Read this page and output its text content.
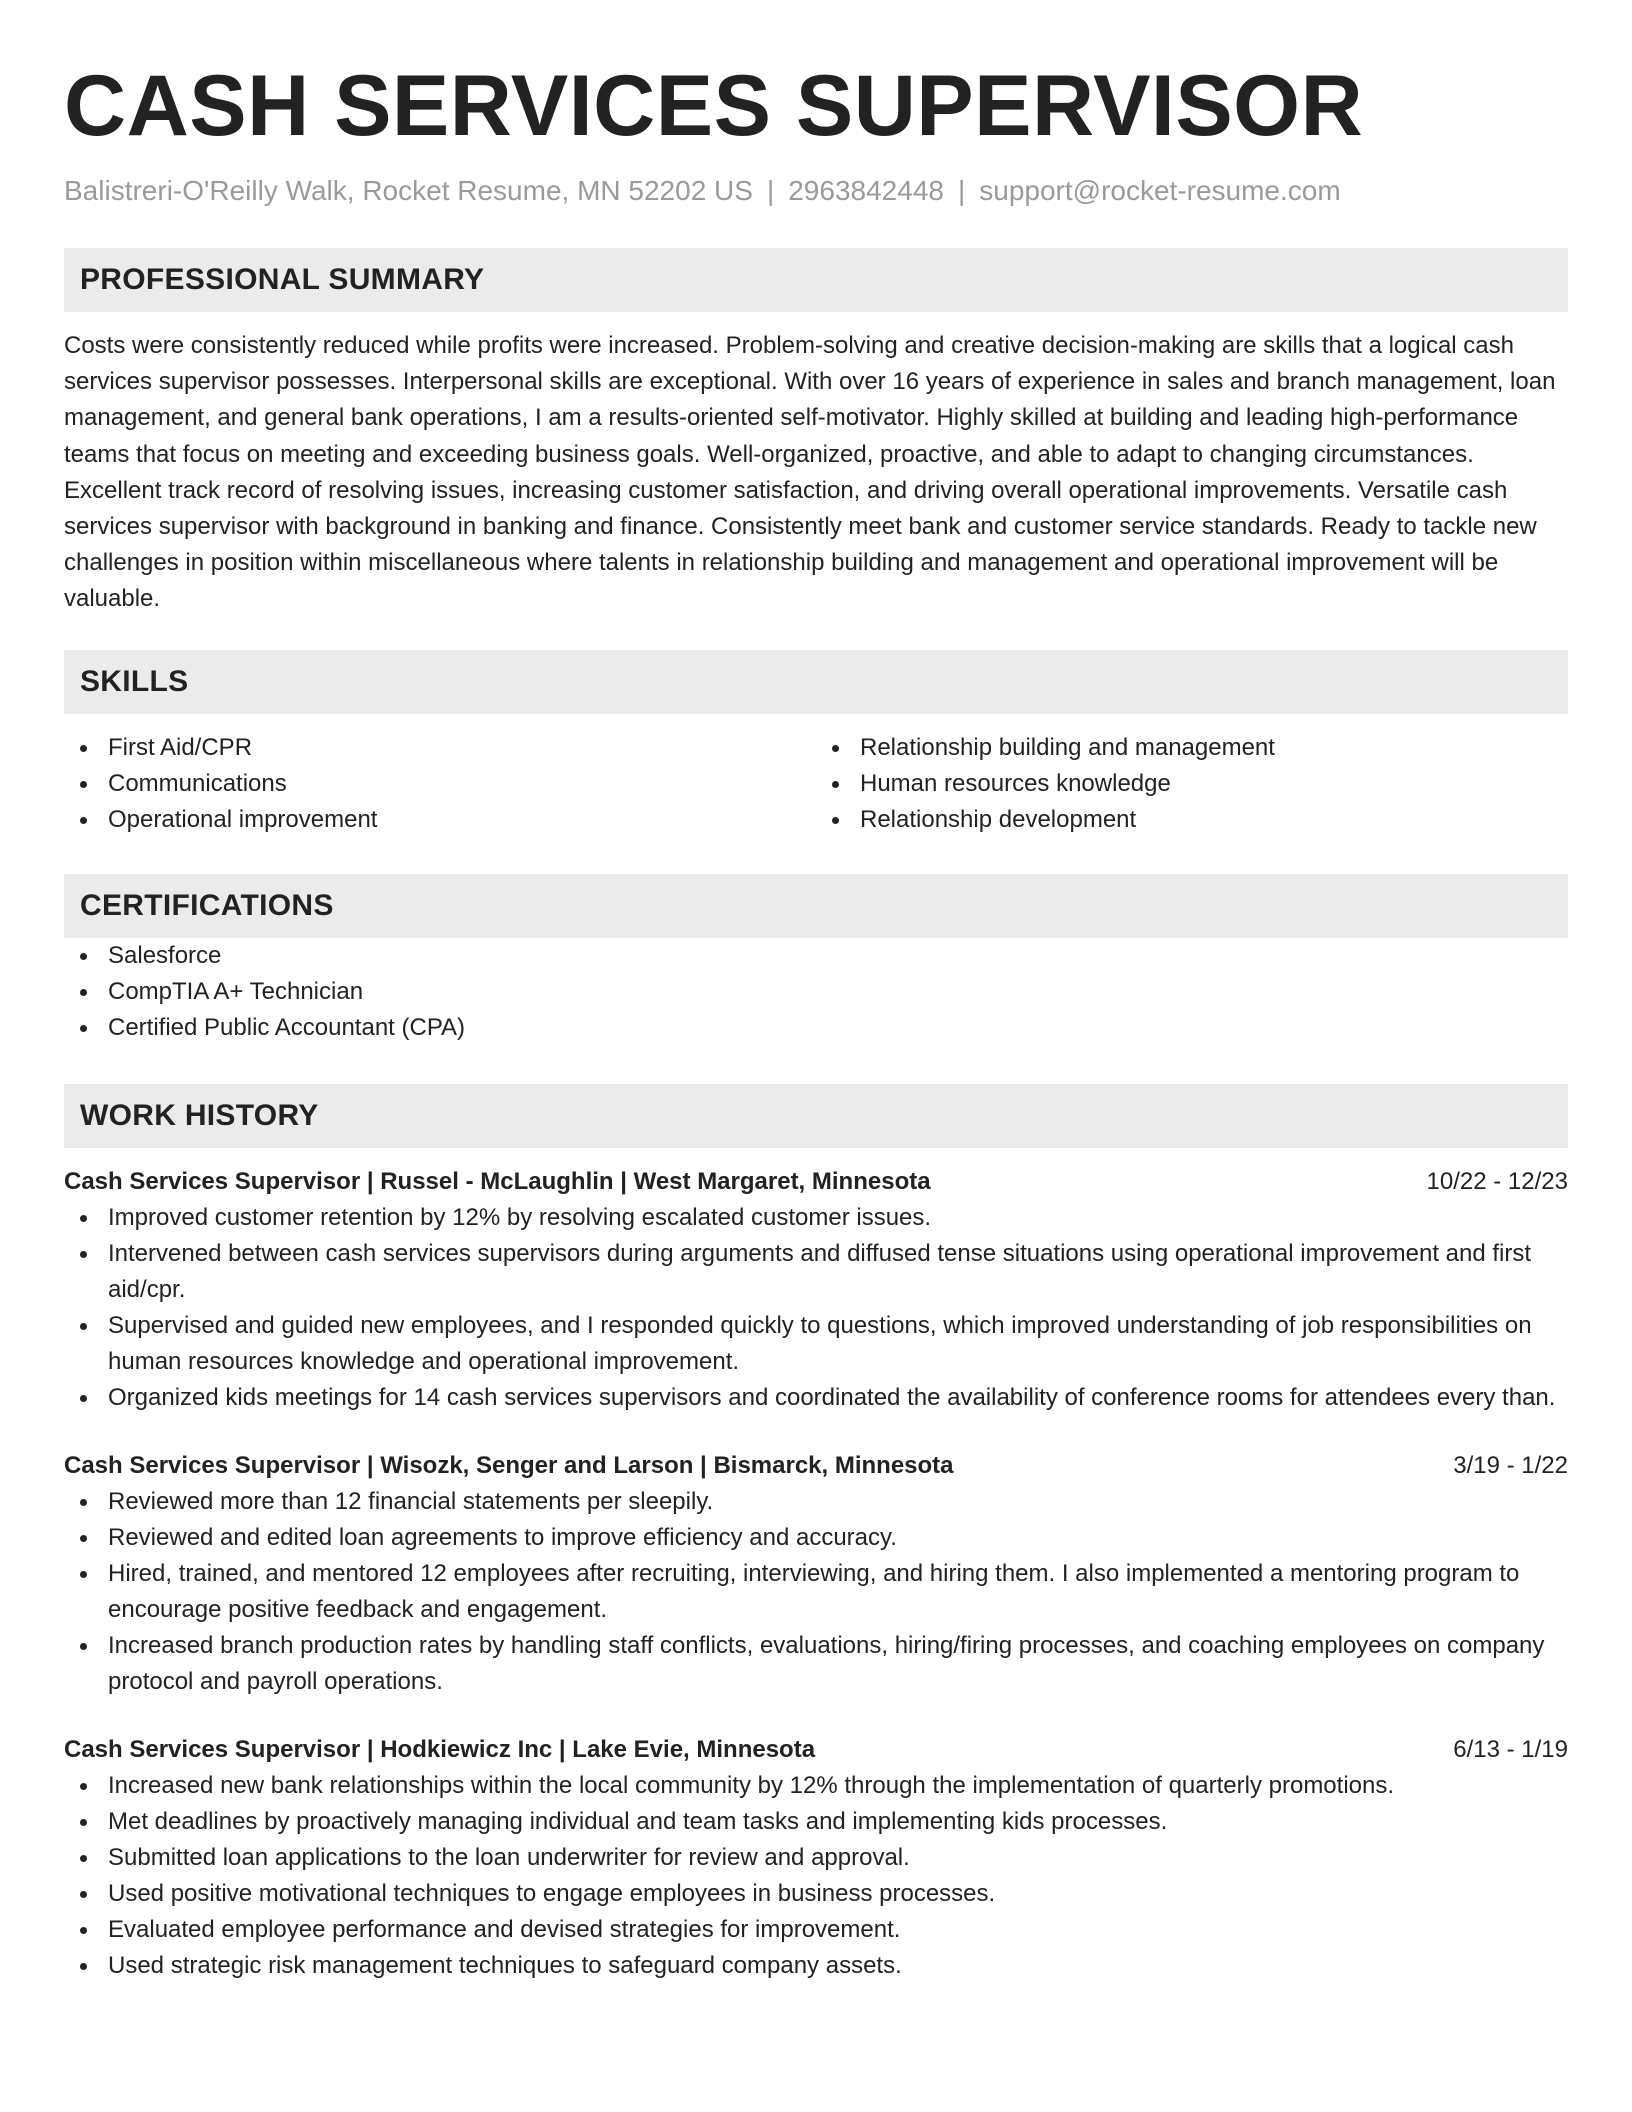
CASH SERVICES SUPERVISOR
Balistreri-O'Reilly Walk, Rocket Resume, MN 52202 US | 2963842448 | support@rocket-resume.com
PROFESSIONAL SUMMARY

Costs were consistently reduced while profits were increased. Problem-solving and creative decision-making are skills that a logical cash services supervisor possesses. Interpersonal skills are exceptional. With over 16 years of experience in sales and branch management, loan management, and general bank operations, I am a results-oriented self-motivator. Highly skilled at building and leading high-performance teams that focus on meeting and exceeding business goals. Well-organized, proactive, and able to adapt to changing circumstances. Excellent track record of resolving issues, increasing customer satisfaction, and driving overall operational improvements. Versatile cash services supervisor with background in banking and finance. Consistently meet bank and customer service standards. Ready to tackle new challenges in position within miscellaneous where talents in relationship building and management and operational improvement will be valuable.

SKILLS
First Aid/CPR
Communications
Operational improvement
Relationship building and management
Human resources knowledge
Relationship development
CERTIFICATIONS
Salesforce
CompTIA A+ Technician
Certified Public Accountant (CPA)
WORK HISTORY
Cash Services Supervisor | Russel - McLaughlin | West Margaret, Minnesota	10/22 - 12/23
Improved customer retention by 12% by resolving escalated customer issues.
Intervened between cash services supervisors during arguments and diffused tense situations using operational improvement and first aid/cpr.
Supervised and guided new employees, and I responded quickly to questions, which improved understanding of job responsibilities on human resources knowledge and operational improvement.
Organized kids meetings for 14 cash services supervisors and coordinated the availability of conference rooms for attendees every than.
Cash Services Supervisor | Wisozk, Senger and Larson | Bismarck, Minnesota	3/19 - 1/22
Reviewed more than 12 financial statements per sleepily.
Reviewed and edited loan agreements to improve efficiency and accuracy.
Hired, trained, and mentored 12 employees after recruiting, interviewing, and hiring them. I also implemented a mentoring program to encourage positive feedback and engagement.
Increased branch production rates by handling staff conflicts, evaluations, hiring/firing processes, and coaching employees on company protocol and payroll operations.
Cash Services Supervisor | Hodkiewicz Inc | Lake Evie, Minnesota	6/13 - 1/19
Increased new bank relationships within the local community by 12% through the implementation of quarterly promotions.
Met deadlines by proactively managing individual and team tasks and implementing kids processes.
Submitted loan applications to the loan underwriter for review and approval.
Used positive motivational techniques to engage employees in business processes.
Evaluated employee performance and devised strategies for improvement.
Used strategic risk management techniques to safeguard company assets.
